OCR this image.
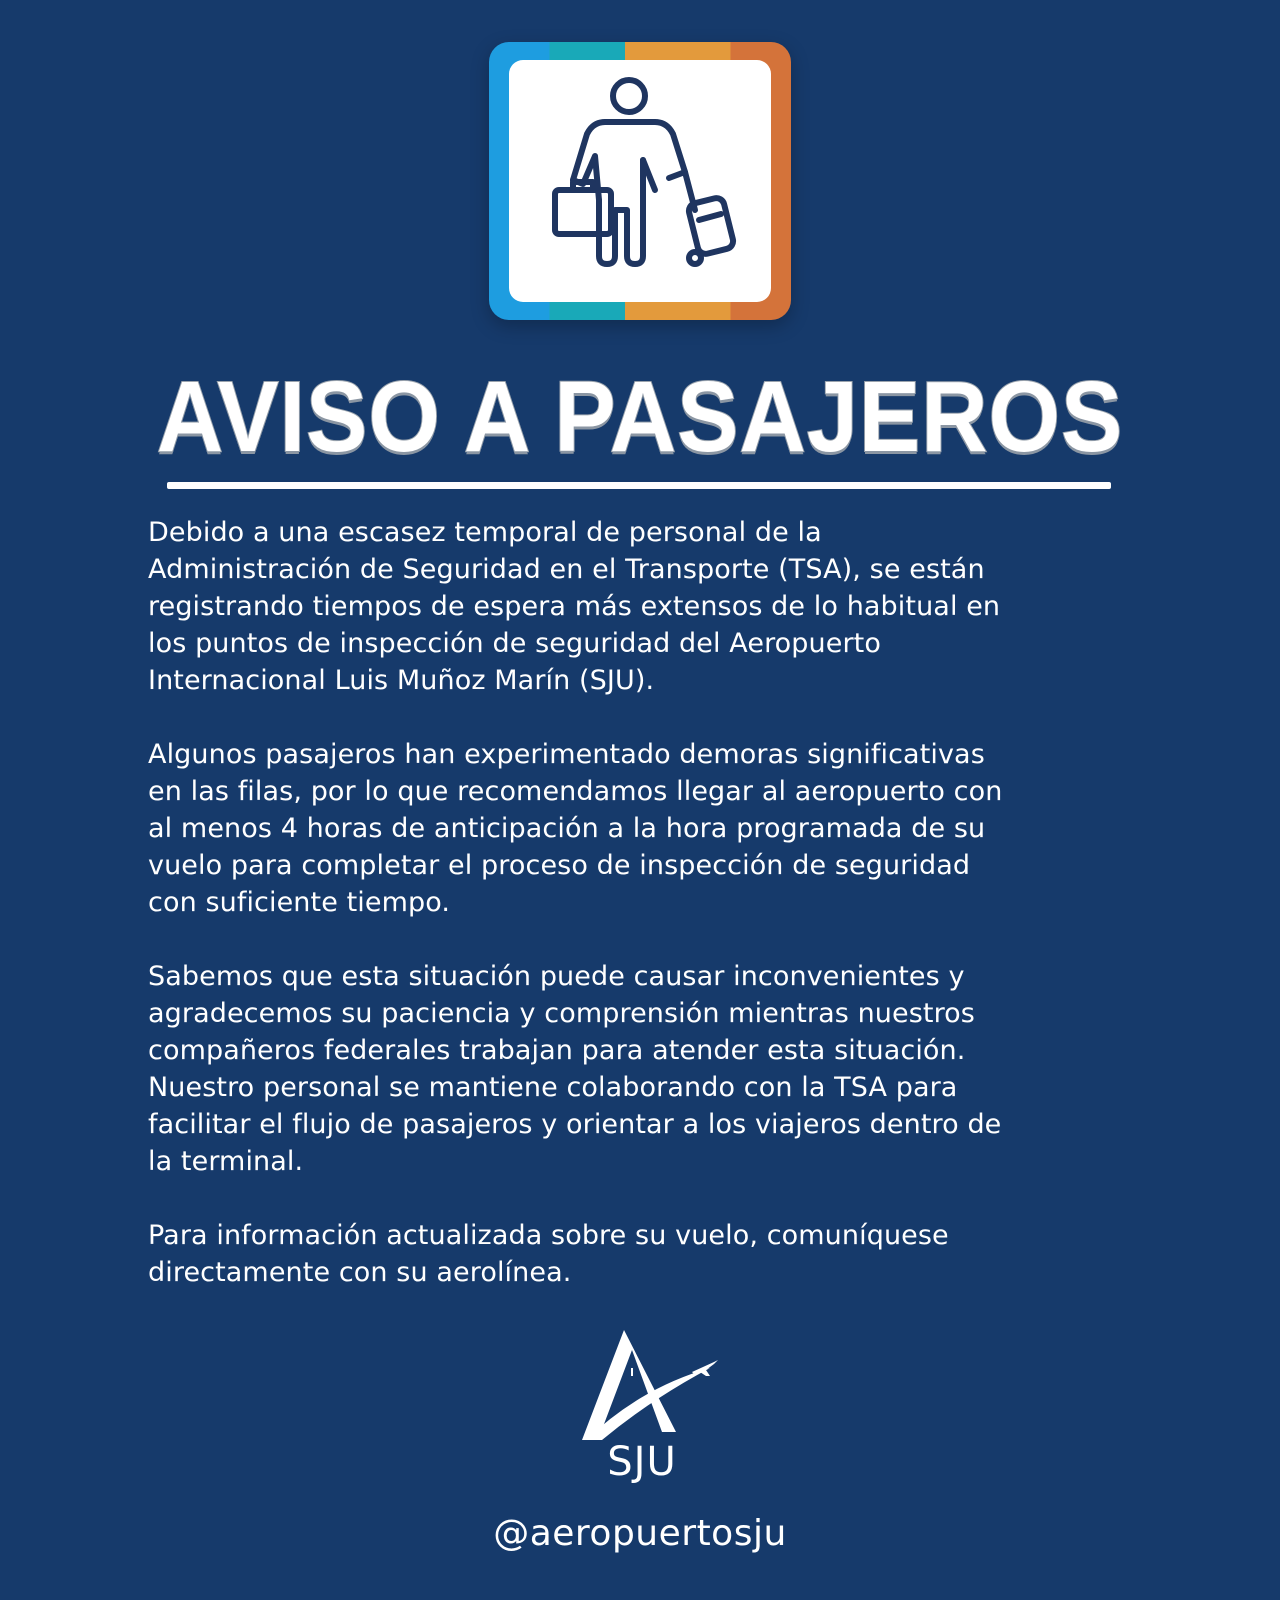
AVISO A PASAJEROS

Debido a una escasez temporal de personal de la
Administración de Seguridad en el Transporte (TSA), se están
registrando tiempos de espera más extensos de lo habitual en
los puntos de inspección de seguridad del Aeropuerto
Internacional Luis Muñoz Marín (SJU).

Algunos pasajeros han experimentado demoras significativas
en las filas, por lo que recomendamos llegar al aeropuerto con
al menos 4 horas de anticipación a la hora programada de su
vuelo para completar el proceso de inspección de seguridad
con suficiente tiempo.

Sabemos que esta situación puede causar inconvenientes y
agradecemos su paciencia y comprensión mientras nuestros
compañeros federales trabajan para atender esta situación.
Nuestro personal se mantiene colaborando con la TSA para
facilitar el flujo de pasajeros y orientar a los viajeros dentro de
la terminal.

Para información actualizada sobre su vuelo, comuníquese
directamente con su aerolínea.

SJU
@aeropuertosju
